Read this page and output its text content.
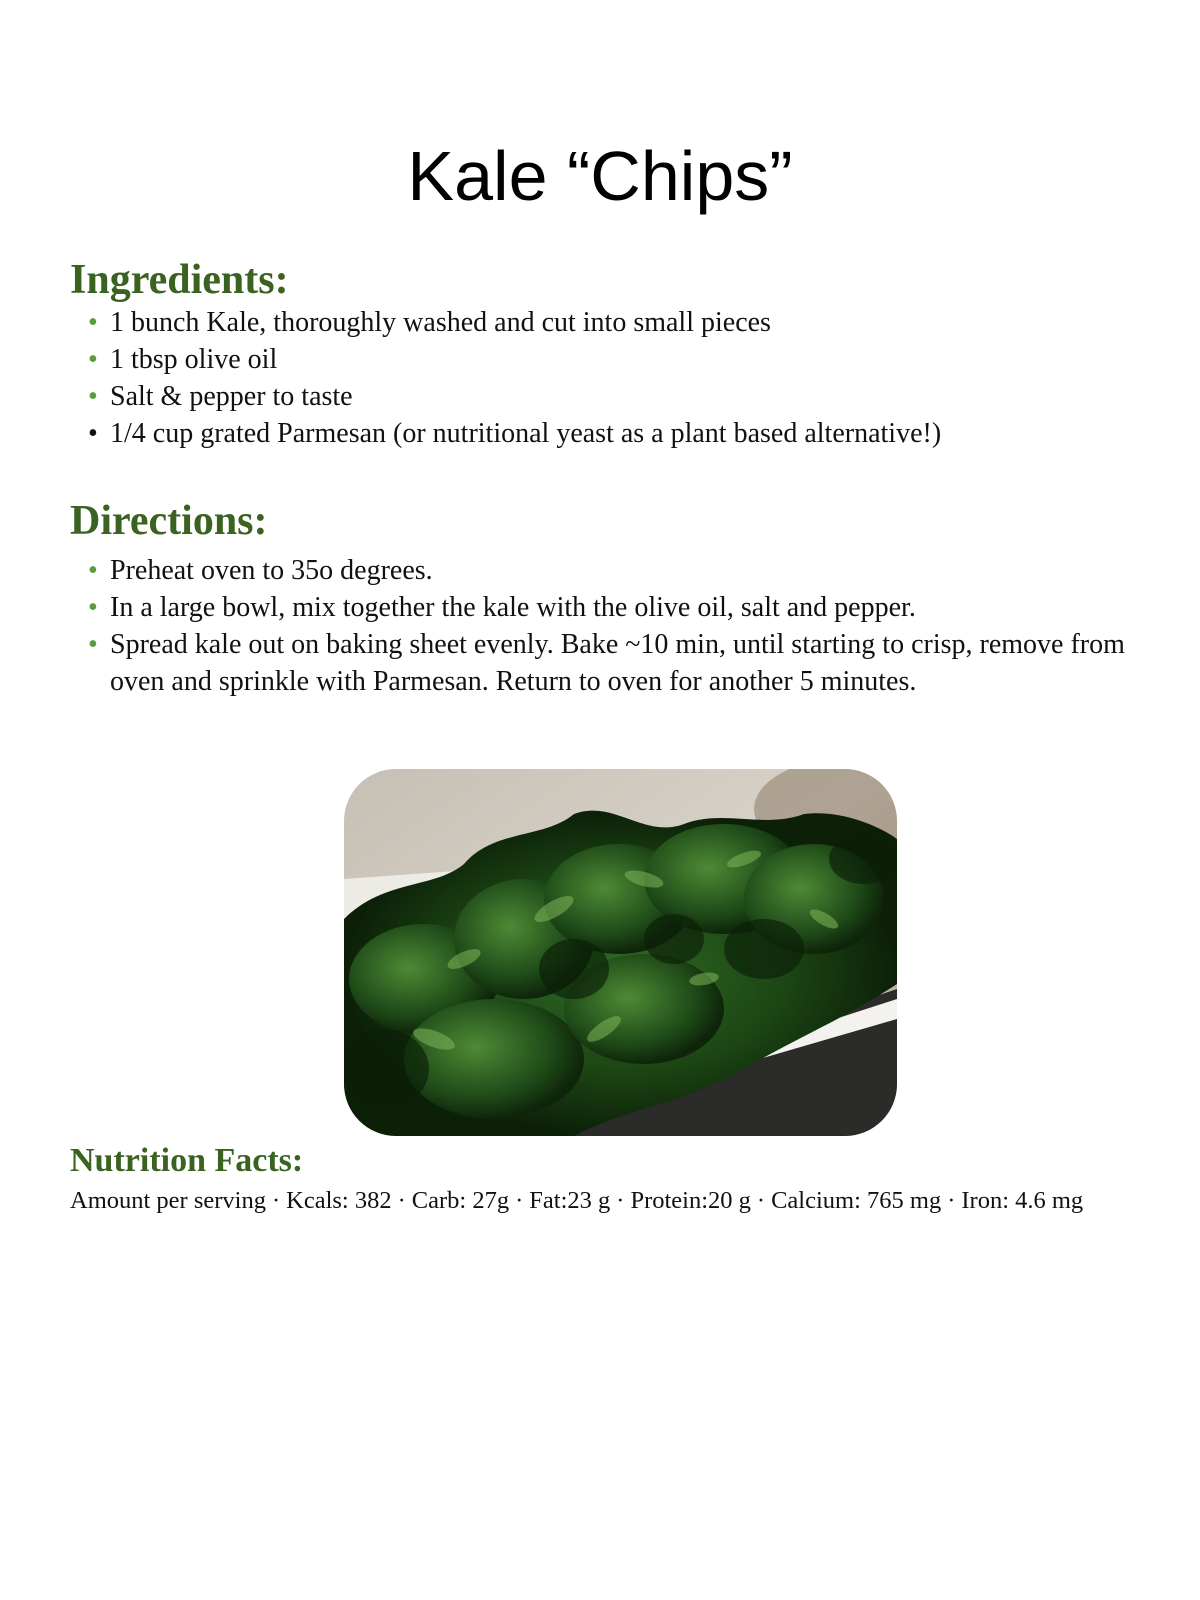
Kale “Chips”
Ingredients:
• 1 bunch Kale, thoroughly washed and cut into small pieces
• 1 tbsp olive oil
• Salt & pepper to taste
• 1/4 cup grated Parmesan (or nutritional yeast as a plant based alternative!)
Directions:
• Preheat oven to 35o degrees.
• In a large bowl, mix together the kale with the olive oil, salt and pepper.
• Spread kale out on baking sheet evenly. Bake ~10 min, until starting to crisp, remove from oven and sprinkle with Parmesan. Return to oven for another 5 minutes.
Nutrition Facts:
Amount per serving · Kcals: 382 · Carb: 27g · Fat:23 g · Protein:20 g · Calcium: 765 mg · Iron: 4.6 mg
